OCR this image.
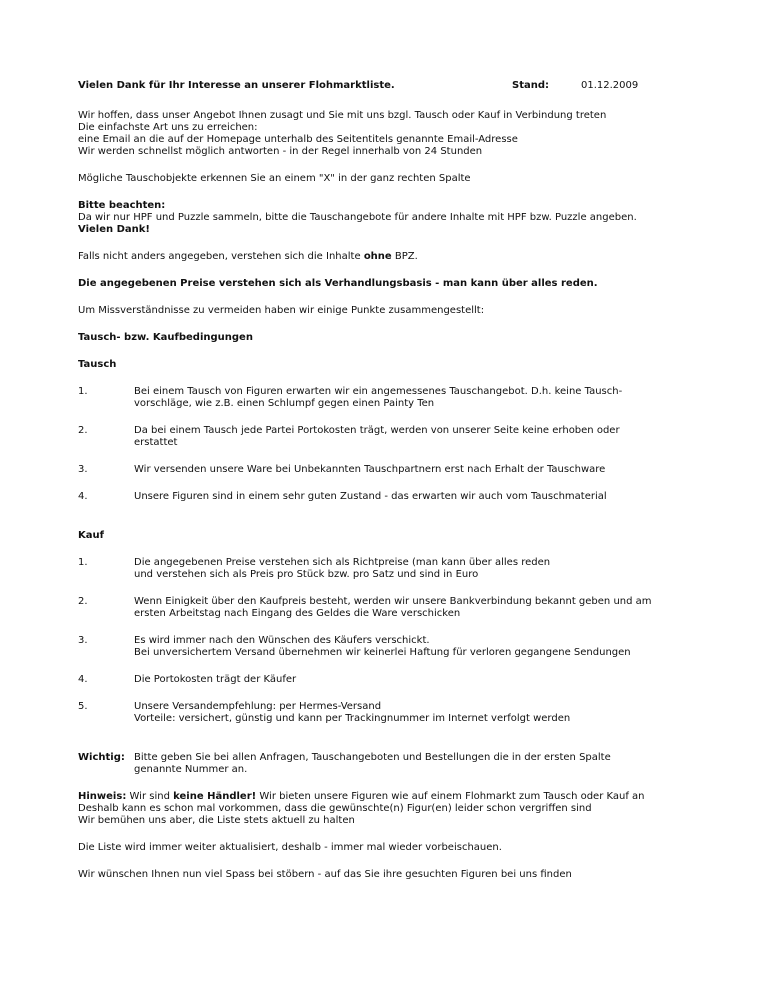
Vielen Dank für Ihr Interesse an unserer Flohmarktliste.	Stand:	01.12.2009

Wir hoffen, dass unser Angebot Ihnen zusagt und Sie mit uns bzgl. Tausch oder Kauf in Verbindung treten

Die einfachste Art uns zu erreichen:

eine Email an die auf der Homepage unterhalb des Seitentitels genannte Email-Adresse

Wir werden schnellst möglich antworten - in der Regel innerhalb von 24 Stunden

Mögliche Tauschobjekte erkennen Sie an einem "X" in der ganz rechten Spalte

Bitte beachten:

Da wir nur HPF und Puzzle sammeln, bitte die Tauschangebote für andere Inhalte mit HPF bzw. Puzzle angeben.

Vielen Dank!

Falls nicht anders angegeben, verstehen sich die Inhalte ohne BPZ.

Die angegebenen Preise verstehen sich als Verhandlungsbasis - man kann über alles reden.

Um Missverständnisse zu vermeiden haben wir einige Punkte zusammengestellt:

Tausch- bzw. Kaufbedingungen

Tausch

1.	Bei einem Tausch von Figuren erwarten wir ein angemessenes Tauschangebot. D.h. keine Tausch-

vorschläge, wie z.B. einen Schlumpf gegen einen Painty Ten

2.	Da bei einem Tausch jede Partei Portokosten trägt, werden von unserer Seite keine erhoben oder

erstattet

3.	Wir versenden unsere Ware bei Unbekannten Tauschpartnern erst nach Erhalt der Tauschware

4.	Unsere Figuren sind in einem sehr guten Zustand - das erwarten wir auch vom Tauschmaterial

Kauf

1.	Die angegebenen Preise verstehen sich als Richtpreise (man kann über alles reden

und verstehen sich als Preis pro Stück bzw. pro Satz und sind in Euro

2.	Wenn Einigkeit über den Kaufpreis besteht, werden wir unsere Bankverbindung bekannt geben und am

ersten Arbeitstag nach Eingang des Geldes die Ware verschicken

3.	Es wird immer nach den Wünschen des Käufers verschickt.

Bei unversichertem Versand übernehmen wir keinerlei Haftung für verloren gegangene Sendungen

4.	Die Portokosten trägt der Käufer

5.	Unsere Versandempfehlung: per Hermes-Versand

Vorteile: versichert, günstig und kann per Trackingnummer im Internet verfolgt werden

Wichtig: Bitte geben Sie bei allen Anfragen, Tauschangeboten und Bestellungen die in der ersten Spalte

genannte Nummer an.

Hinweis: Wir sind keine Händler! Wir bieten unsere Figuren wie auf einem Flohmarkt zum Tausch oder Kauf an

Deshalb kann es schon mal vorkommen, dass die gewünschte(n) Figur(en) leider schon vergriffen sind

Wir bemühen uns aber, die Liste stets aktuell zu halten

Die Liste wird immer weiter aktualisiert, deshalb - immer mal wieder vorbeischauen.

Wir wünschen Ihnen nun viel Spass bei stöbern - auf das Sie ihre gesuchten Figuren bei uns finden
